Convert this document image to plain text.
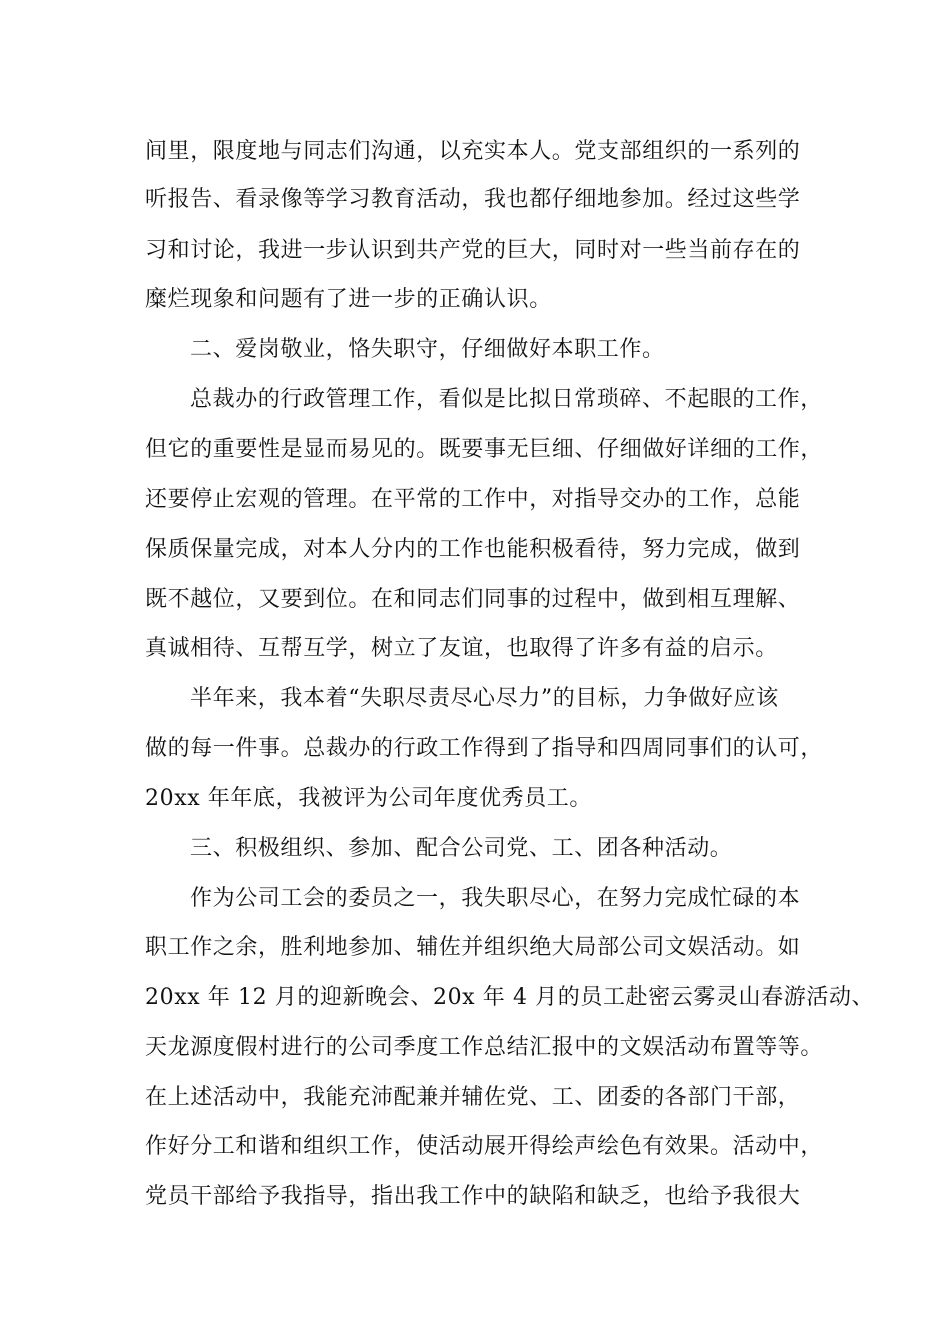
间里，限度地与同志们沟通，以充实本人。党支部组织的一系列的
听报告、看录像等学习教育活动，我也都仔细地参加。经过这些学
习和讨论，我进一步认识到共产党的巨大，同时对一些当前存在的
糜烂现象和问题有了进一步的正确认识。
二、爱岗敬业，恪失职守，仔细做好本职工作。
总裁办的行政管理工作，看似是比拟日常琐碎、不起眼的工作，
但它的重要性是显而易见的。既要事无巨细、仔细做好详细的工作，
还要停止宏观的管理。在平常的工作中，对指导交办的工作，总能
保质保量完成，对本人分内的工作也能积极看待，努力完成，做到
既不越位，又要到位。在和同志们同事的过程中，做到相互理解、
真诚相待、互帮互学，树立了友谊，也取得了许多有益的启示。
半年来，我本着“失职尽责尽心尽力”的目标，力争做好应该
做的每一件事。总裁办的行政工作得到了指导和四周同事们的认可，
20xx 年年底，我被评为公司年度优秀员工。
三、积极组织、参加、配合公司党、工、团各种活动。
作为公司工会的委员之一，我失职尽心，在努力完成忙碌的本
职工作之余，胜利地参加、辅佐并组织绝大局部公司文娱活动。如
20xx 年 12 月的迎新晚会、20x 年 4 月的员工赴密云雾灵山春游活动、
天龙源度假村进行的公司季度工作总结汇报中的文娱活动布置等等。
在上述活动中，我能充沛配兼并辅佐党、工、团委的各部门干部，
作好分工和谐和组织工作，使活动展开得绘声绘色有效果。活动中，
党员干部给予我指导，指出我工作中的缺陷和缺乏，也给予我很大
